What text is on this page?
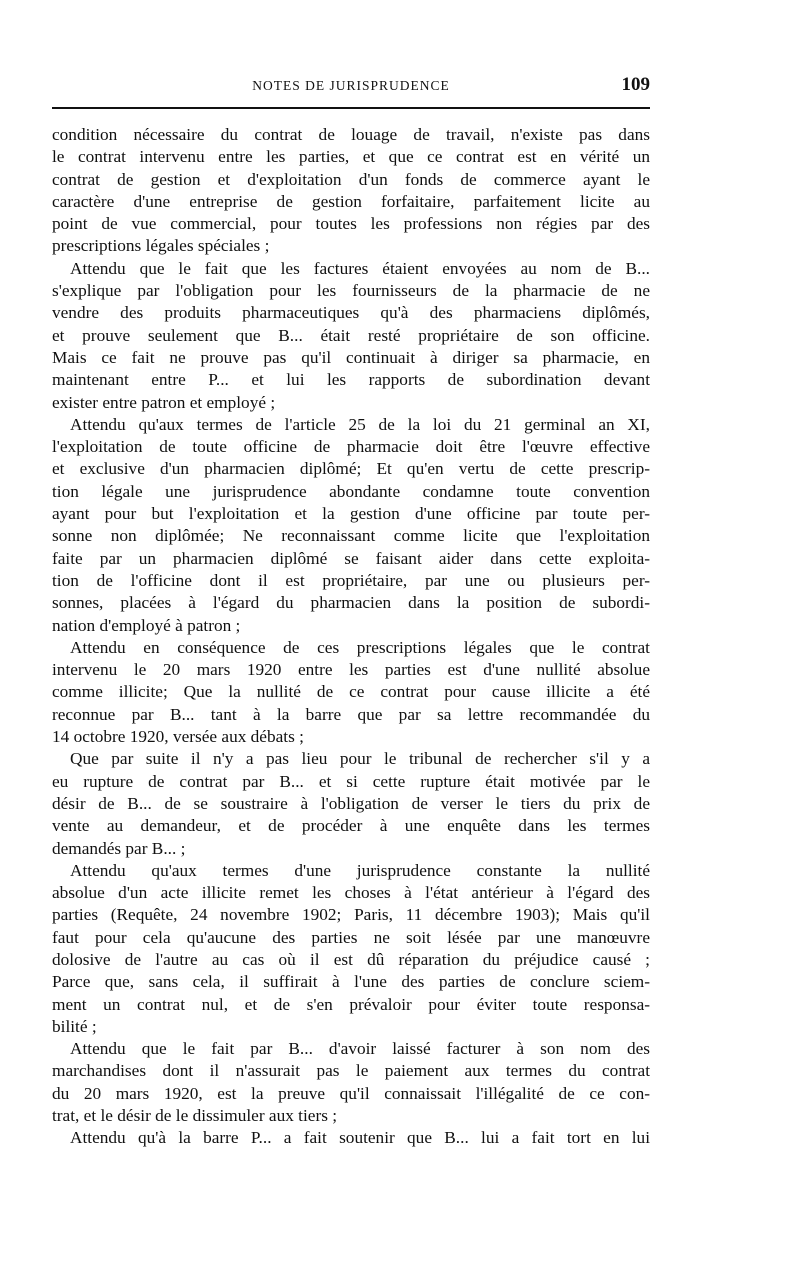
NOTES DE JURISPRUDENCE	109
condition nécessaire du contrat de louage de travail, n'existe pas dans
le contrat intervenu entre les parties, et que ce contrat est en vérité un
contrat de gestion et d'exploitation d'un fonds de commerce ayant le
caractère d'une entreprise de gestion forfaitaire, parfaitement licite au
point de vue commercial, pour toutes les professions non régies par des
prescriptions légales spéciales ;
Attendu que le fait que les factures étaient envoyées au nom de B...
s'explique par l'obligation pour les fournisseurs de la pharmacie de ne
vendre des produits pharmaceutiques qu'à des pharmaciens diplômés,
et prouve seulement que B... était resté propriétaire de son officine.
Mais ce fait ne prouve pas qu'il continuait à diriger sa pharmacie, en
maintenant entre P... et lui les rapports de subordination devant
exister entre patron et employé ;
Attendu qu'aux termes de l'article 25 de la loi du 21 germinal an XI,
l'exploitation de toute officine de pharmacie doit être l'œuvre effective
et exclusive d'un pharmacien diplômé; Et qu'en vertu de cette prescrip-
tion légale une jurisprudence abondante condamne toute convention
ayant pour but l'exploitation et la gestion d'une officine par toute per-
sonne non diplômée; Ne reconnaissant comme licite que l'exploitation
faite par un pharmacien diplômé se faisant aider dans cette exploita-
tion de l'officine dont il est propriétaire, par une ou plusieurs per-
sonnes, placées à l'égard du pharmacien dans la position de subordi-
nation d'employé à patron ;
Attendu en conséquence de ces prescriptions légales que le contrat
intervenu le 20 mars 1920 entre les parties est d'une nullité absolue
comme illicite; Que la nullité de ce contrat pour cause illicite a été
reconnue par B... tant à la barre que par sa lettre recommandée du
14 octobre 1920, versée aux débats ;
Que par suite il n'y a pas lieu pour le tribunal de rechercher s'il y a
eu rupture de contrat par B... et si cette rupture était motivée par le
désir de B... de se soustraire à l'obligation de verser le tiers du prix de
vente au demandeur, et de procéder à une enquête dans les termes
demandés par B... ;
Attendu qu'aux termes d'une jurisprudence constante la nullité
absolue d'un acte illicite remet les choses à l'état antérieur à l'égard des
parties (Requête, 24 novembre 1902; Paris, 11 décembre 1903); Mais qu'il
faut pour cela qu'aucune des parties ne soit lésée par une manœuvre
dolosive de l'autre au cas où il est dû réparation du préjudice causé ;
Parce que, sans cela, il suffirait à l'une des parties de conclure sciem-
ment un contrat nul, et de s'en prévaloir pour éviter toute responsa-
bilité ;
Attendu que le fait par B... d'avoir laissé facturer à son nom des
marchandises dont il n'assurait pas le paiement aux termes du contrat
du 20 mars 1920, est la preuve qu'il connaissait l'illégalité de ce con-
trat, et le désir de le dissimuler aux tiers ;
Attendu qu'à la barre P... a fait soutenir que B... lui a fait tort en lui
